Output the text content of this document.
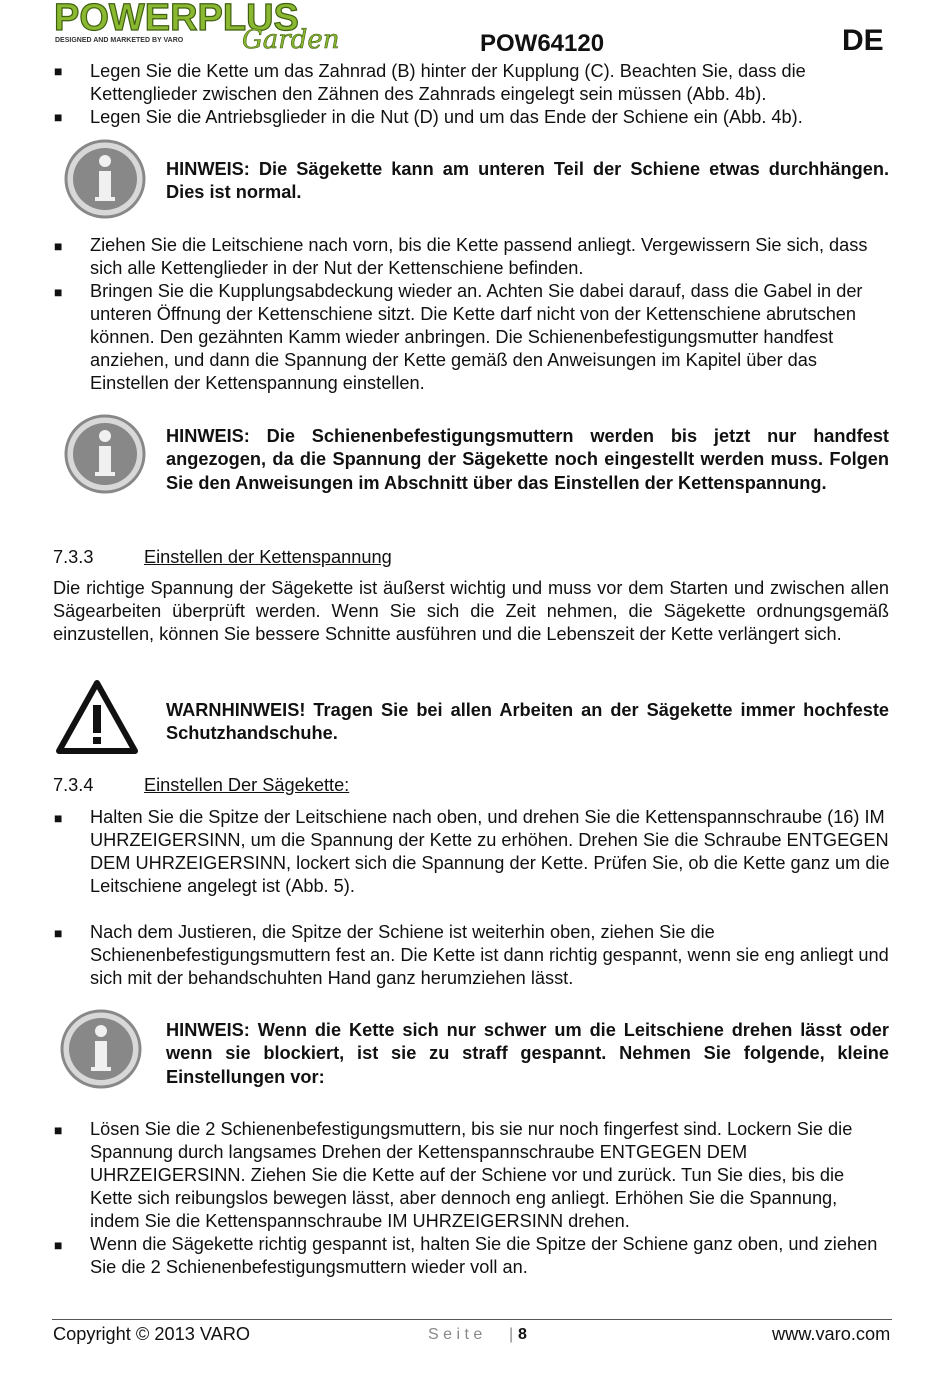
POWERPLUS
DESIGNED AND MARKETED BY VARO Garden	POW64120	DE
■ Legen Sie die Kette um das Zahnrad (B) hinter der Kupplung (C). Beachten Sie, dass die Kettenglieder zwischen den Zähnen des Zahnrads eingelegt sein müssen (Abb. 4b).
■ Legen Sie die Antriebsglieder in die Nut (D) und um das Ende der Schiene ein (Abb. 4b).
HINWEIS: Die Sägekette kann am unteren Teil der Schiene etwas durchhängen. Dies ist normal.
■ Ziehen Sie die Leitschiene nach vorn, bis die Kette passend anliegt. Vergewissern Sie sich, dass sich alle Kettenglieder in der Nut der Kettenschiene befinden.
■ Bringen Sie die Kupplungsabdeckung wieder an. Achten Sie dabei darauf, dass die Gabel in der unteren Öffnung der Kettenschiene sitzt. Die Kette darf nicht von der Kettenschiene abrutschen können. Den gezähnten Kamm wieder anbringen. Die Schienenbefestigungsmutter handfest anziehen, und dann die Spannung der Kette gemäß den Anweisungen im Kapitel über das Einstellen der Kettenspannung einstellen.
HINWEIS: Die Schienenbefestigungsmuttern werden bis jetzt nur handfest angezogen, da die Spannung der Sägekette noch eingestellt werden muss. Folgen Sie den Anweisungen im Abschnitt über das Einstellen der Kettenspannung.
7.3.3	Einstellen der Kettenspannung
Die richtige Spannung der Sägekette ist äußerst wichtig und muss vor dem Starten und zwischen allen Sägearbeiten überprüft werden. Wenn Sie sich die Zeit nehmen, die Sägekette ordnungsgemäß einzustellen, können Sie bessere Schnitte ausführen und die Lebenszeit der Kette verlängert sich.
WARNHINWEIS! Tragen Sie bei allen Arbeiten an der Sägekette immer hochfeste Schutzhandschuhe.
7.3.4	Einstellen Der Sägekette:
■ Halten Sie die Spitze der Leitschiene nach oben, und drehen Sie die Kettenspannschraube (16) IM UHRZEIGERSINN, um die Spannung der Kette zu erhöhen. Drehen Sie die Schraube ENTGEGEN DEM UHRZEIGERSINN, lockert sich die Spannung der Kette. Prüfen Sie, ob die Kette ganz um die Leitschiene angelegt ist (Abb. 5).
■ Nach dem Justieren, die Spitze der Schiene ist weiterhin oben, ziehen Sie die Schienenbefestigungsmuttern fest an. Die Kette ist dann richtig gespannt, wenn sie eng anliegt und sich mit der behandschuhten Hand ganz herumziehen lässt.
HINWEIS: Wenn die Kette sich nur schwer um die Leitschiene drehen lässt oder wenn sie blockiert, ist sie zu straff gespannt. Nehmen Sie folgende, kleine Einstellungen vor:
■ Lösen Sie die 2 Schienenbefestigungsmuttern, bis sie nur noch fingerfest sind. Lockern Sie die Spannung durch langsames Drehen der Kettenspannschraube ENTGEGEN DEM UHRZEIGERSINN. Ziehen Sie die Kette auf der Schiene vor und zurück. Tun Sie dies, bis die Kette sich reibungslos bewegen lässt, aber dennoch eng anliegt. Erhöhen Sie die Spannung, indem Sie die Kettenspannschraube IM UHRZEIGERSINN drehen.
■ Wenn die Sägekette richtig gespannt ist, halten Sie die Spitze der Schiene ganz oben, und ziehen Sie die 2 Schienenbefestigungsmuttern wieder voll an.
Copyright © 2013 VARO	S e i t e | 8	www.varo.com
